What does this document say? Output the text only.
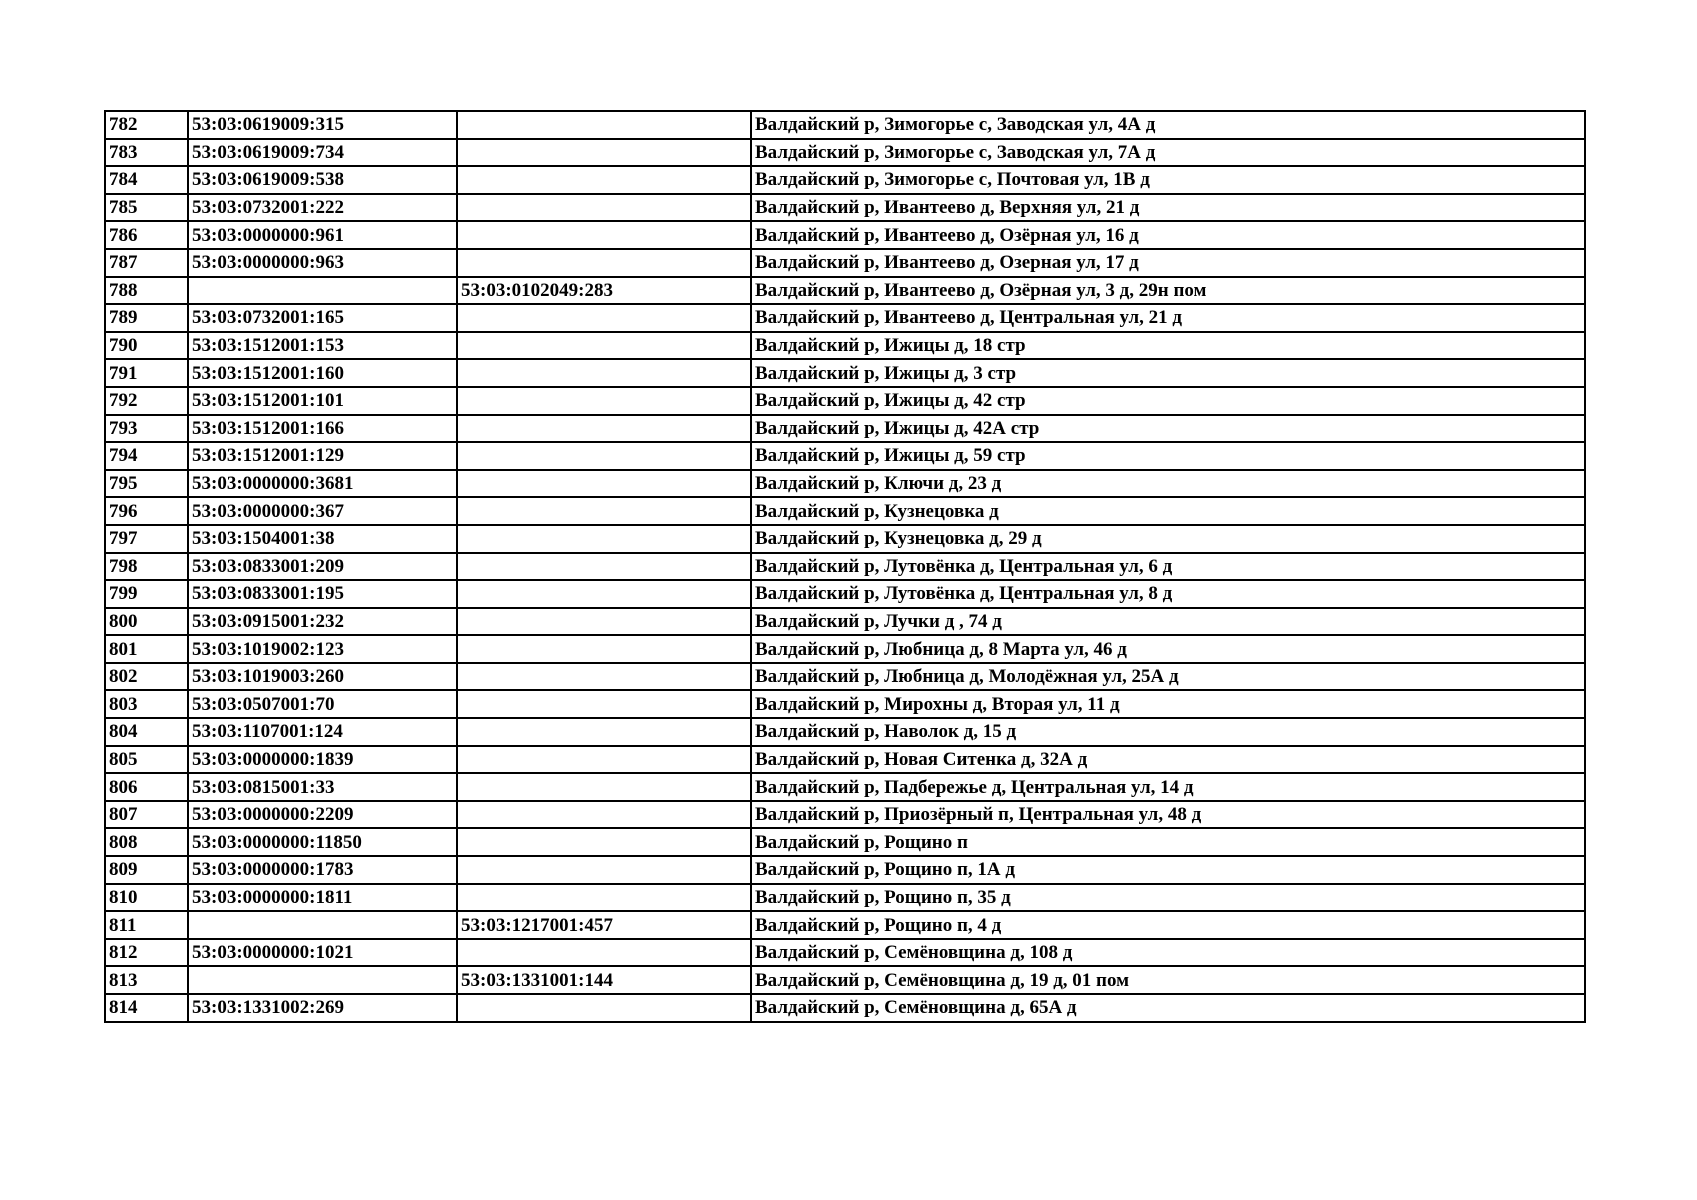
782	53:03:0619009:315		Валдайский р, Зимогорье с, Заводская ул, 4А д
783	53:03:0619009:734		Валдайский р, Зимогорье с, Заводская ул, 7А д
784	53:03:0619009:538		Валдайский р, Зимогорье с, Почтовая ул, 1В д
785	53:03:0732001:222		Валдайский р, Ивантеево д, Верхняя ул, 21 д
786	53:03:0000000:961		Валдайский р, Ивантеево д, Озёрная ул, 16 д
787	53:03:0000000:963		Валдайский р, Ивантеево д, Озерная ул, 17 д
788		53:03:0102049:283	Валдайский р, Ивантеево д, Озёрная ул, 3 д, 29н пом
789	53:03:0732001:165		Валдайский р, Ивантеево д, Центральная ул, 21 д
790	53:03:1512001:153		Валдайский р, Ижицы д, 18 стр
791	53:03:1512001:160		Валдайский р, Ижицы д, 3 стр
792	53:03:1512001:101		Валдайский р, Ижицы д, 42 стр
793	53:03:1512001:166		Валдайский р, Ижицы д, 42А стр
794	53:03:1512001:129		Валдайский р, Ижицы д, 59 стр
795	53:03:0000000:3681		Валдайский р, Ключи д, 23 д
796	53:03:0000000:367		Валдайский р, Кузнецовка д
797	53:03:1504001:38		Валдайский р, Кузнецовка д, 29 д
798	53:03:0833001:209		Валдайский р, Лутовёнка д, Центральная ул, 6 д
799	53:03:0833001:195		Валдайский р, Лутовёнка д, Центральная ул, 8 д
800	53:03:0915001:232		Валдайский р, Лучки д , 74 д
801	53:03:1019002:123		Валдайский р, Любница д, 8 Марта ул, 46 д
802	53:03:1019003:260		Валдайский р, Любница д, Молодёжная ул, 25А д
803	53:03:0507001:70		Валдайский р, Мирохны д, Вторая ул, 11 д
804	53:03:1107001:124		Валдайский р, Наволок д, 15 д
805	53:03:0000000:1839		Валдайский р, Новая Ситенка д, 32А д
806	53:03:0815001:33		Валдайский р, Падбережье д, Центральная ул, 14 д
807	53:03:0000000:2209		Валдайский р, Приозёрный п, Центральная ул, 48 д
808	53:03:0000000:11850		Валдайский р, Рощино п
809	53:03:0000000:1783		Валдайский р, Рощино п, 1А д
810	53:03:0000000:1811		Валдайский р, Рощино п, 35 д
811		53:03:1217001:457	Валдайский р, Рощино п, 4 д
812	53:03:0000000:1021		Валдайский р, Семёновщина д, 108 д
813		53:03:1331001:144	Валдайский р, Семёновщина д, 19 д, 01 пом
814	53:03:1331002:269		Валдайский р, Семёновщина д, 65А д
